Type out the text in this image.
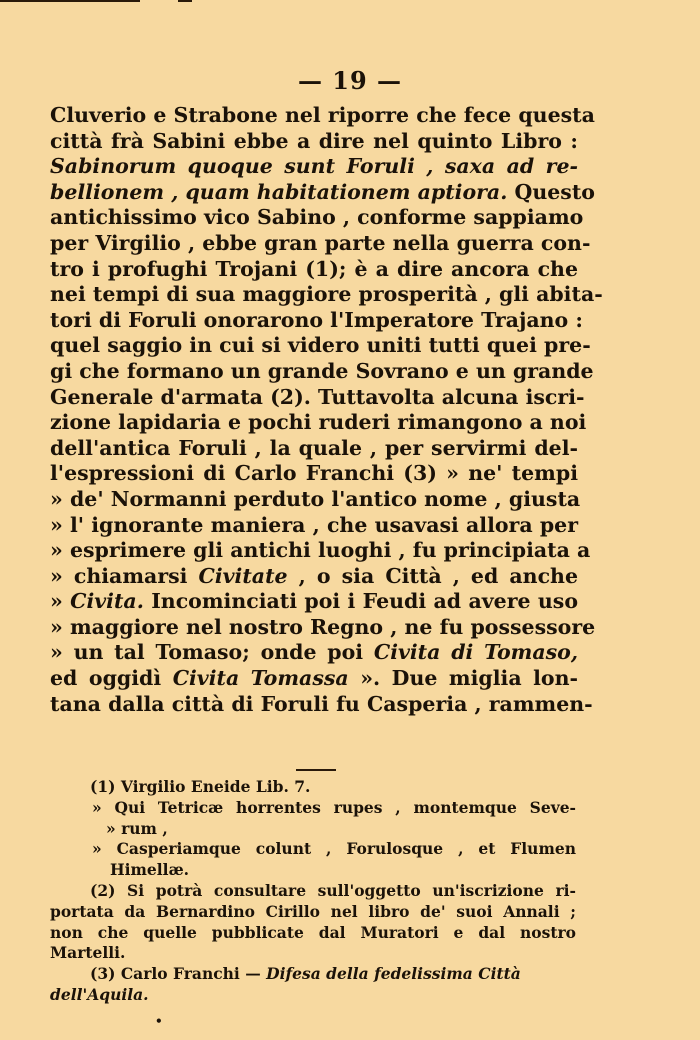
— 19 —
Cluverio e Strabone nel riporre che fece questa
città frà Sabini ebbe a dire nel quinto Libro :
Sabinorum quoque sunt Foruli , saxa ad re-
bellionem , quam habitationem aptiora. Questo
antichissimo vico Sabino , conforme sappiamo
per Virgilio , ebbe gran parte nella guerra con-
tro i profughi Trojani (1); è a dire ancora che
nei tempi di sua maggiore prosperità , gli abita-
tori di Foruli onorarono l'Imperatore Trajano :
quel saggio in cui si videro uniti tutti quei pre-
gi che formano un grande Sovrano e un grande
Generale d'armata (2). Tuttavolta alcuna iscri-
zione lapidaria e pochi ruderi rimangono a noi
dell'antica Foruli , la quale , per servirmi del-
l'espressioni di Carlo Franchi (3) » ne' tempi
» de' Normanni perduto l'antico nome , giusta
» l' ignorante maniera , che usavasi allora per
» esprimere gli antichi luoghi , fu principiata a
» chiamarsi Civitate , o sia Città , ed anche
» Civita. Incominciati poi i Feudi ad avere uso
» maggiore nel nostro Regno , ne fu possessore
» un tal Tomaso; onde poi Civita di Tomaso,
ed oggidì Civita Tomassa ». Due miglia lon-
tana dalla città di Foruli fu Casperia , rammen-
(1) Virgilio Eneide Lib. 7.
» Qui Tetricæ horrentes rupes , montemque Seve-
» rum ,
» Casperiamque colunt , Forulosque , et Flumen
Himellæ.
(2) Si potrà consultare sull'oggetto un'iscrizione ri-
portata da Bernardino Cirillo nel libro de' suoi Annali ;
non che quelle pubblicate dal Muratori e dal nostro
Martelli.
(3) Carlo Franchi — Difesa della fedelissima Città
dell'Aquila.
•
